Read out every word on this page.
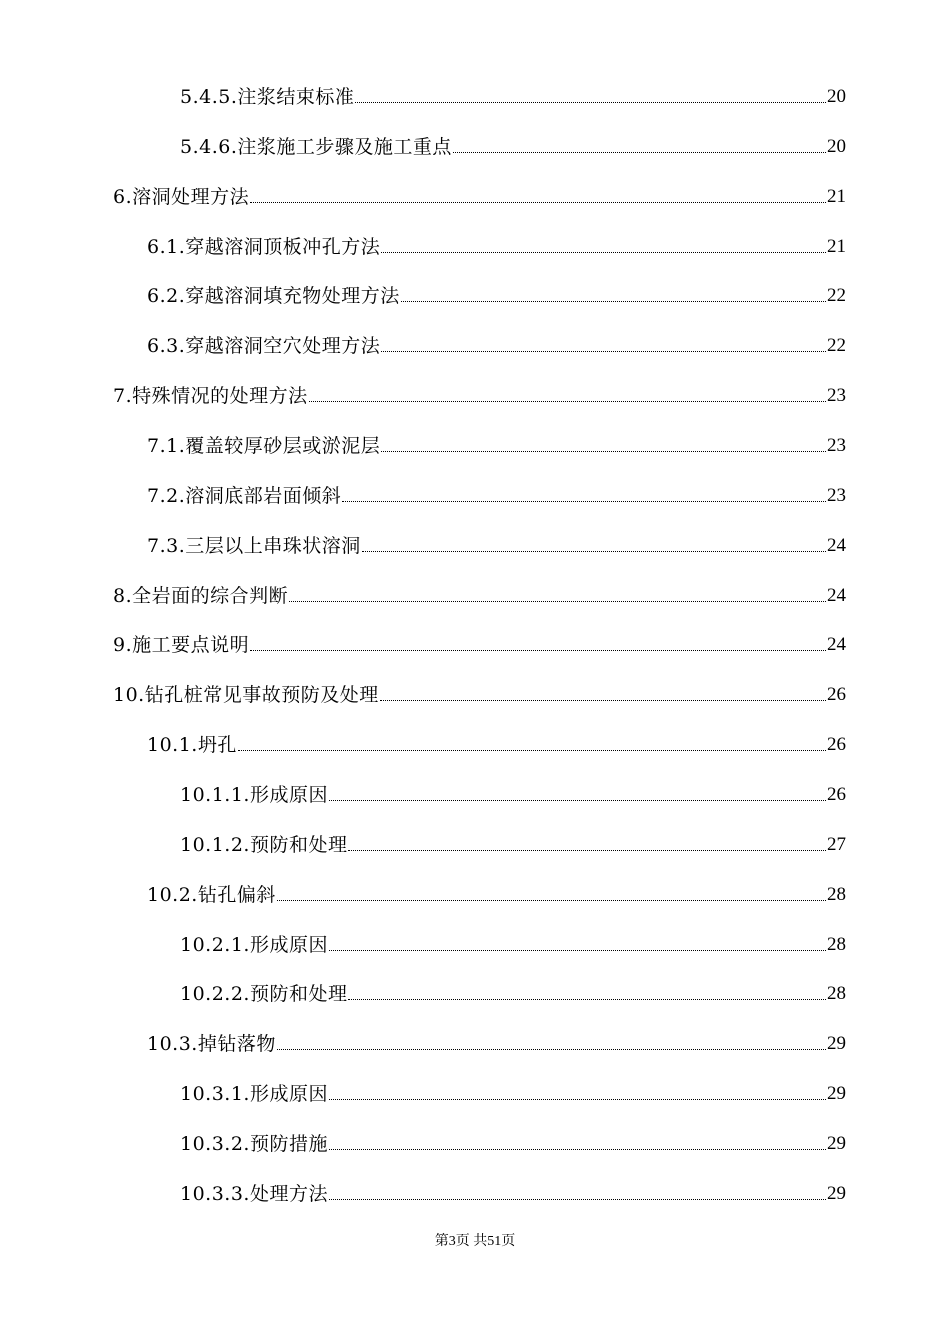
5.4.5.注浆结束标准	20
5.4.6.注浆施工步骤及施工重点	20
6.溶洞处理方法	21
6.1.穿越溶洞顶板冲孔方法	21
6.2.穿越溶洞填充物处理方法	22
6.3.穿越溶洞空穴处理方法	22
7.特殊情况的处理方法	23
7.1.覆盖较厚砂层或淤泥层	23
7.2.溶洞底部岩面倾斜	23
7.3.三层以上串珠状溶洞	24
8.全岩面的综合判断	24
9.施工要点说明	24
10.钻孔桩常见事故预防及处理	26
10.1.坍孔	26
10.1.1.形成原因	26
10.1.2.预防和处理	27
10.2.钻孔偏斜	28
10.2.1.形成原因	28
10.2.2.预防和处理	28
10.3.掉钻落物	29
10.3.1.形成原因	29
10.3.2.预防措施	29
10.3.3.处理方法	29
第3页 共51页
